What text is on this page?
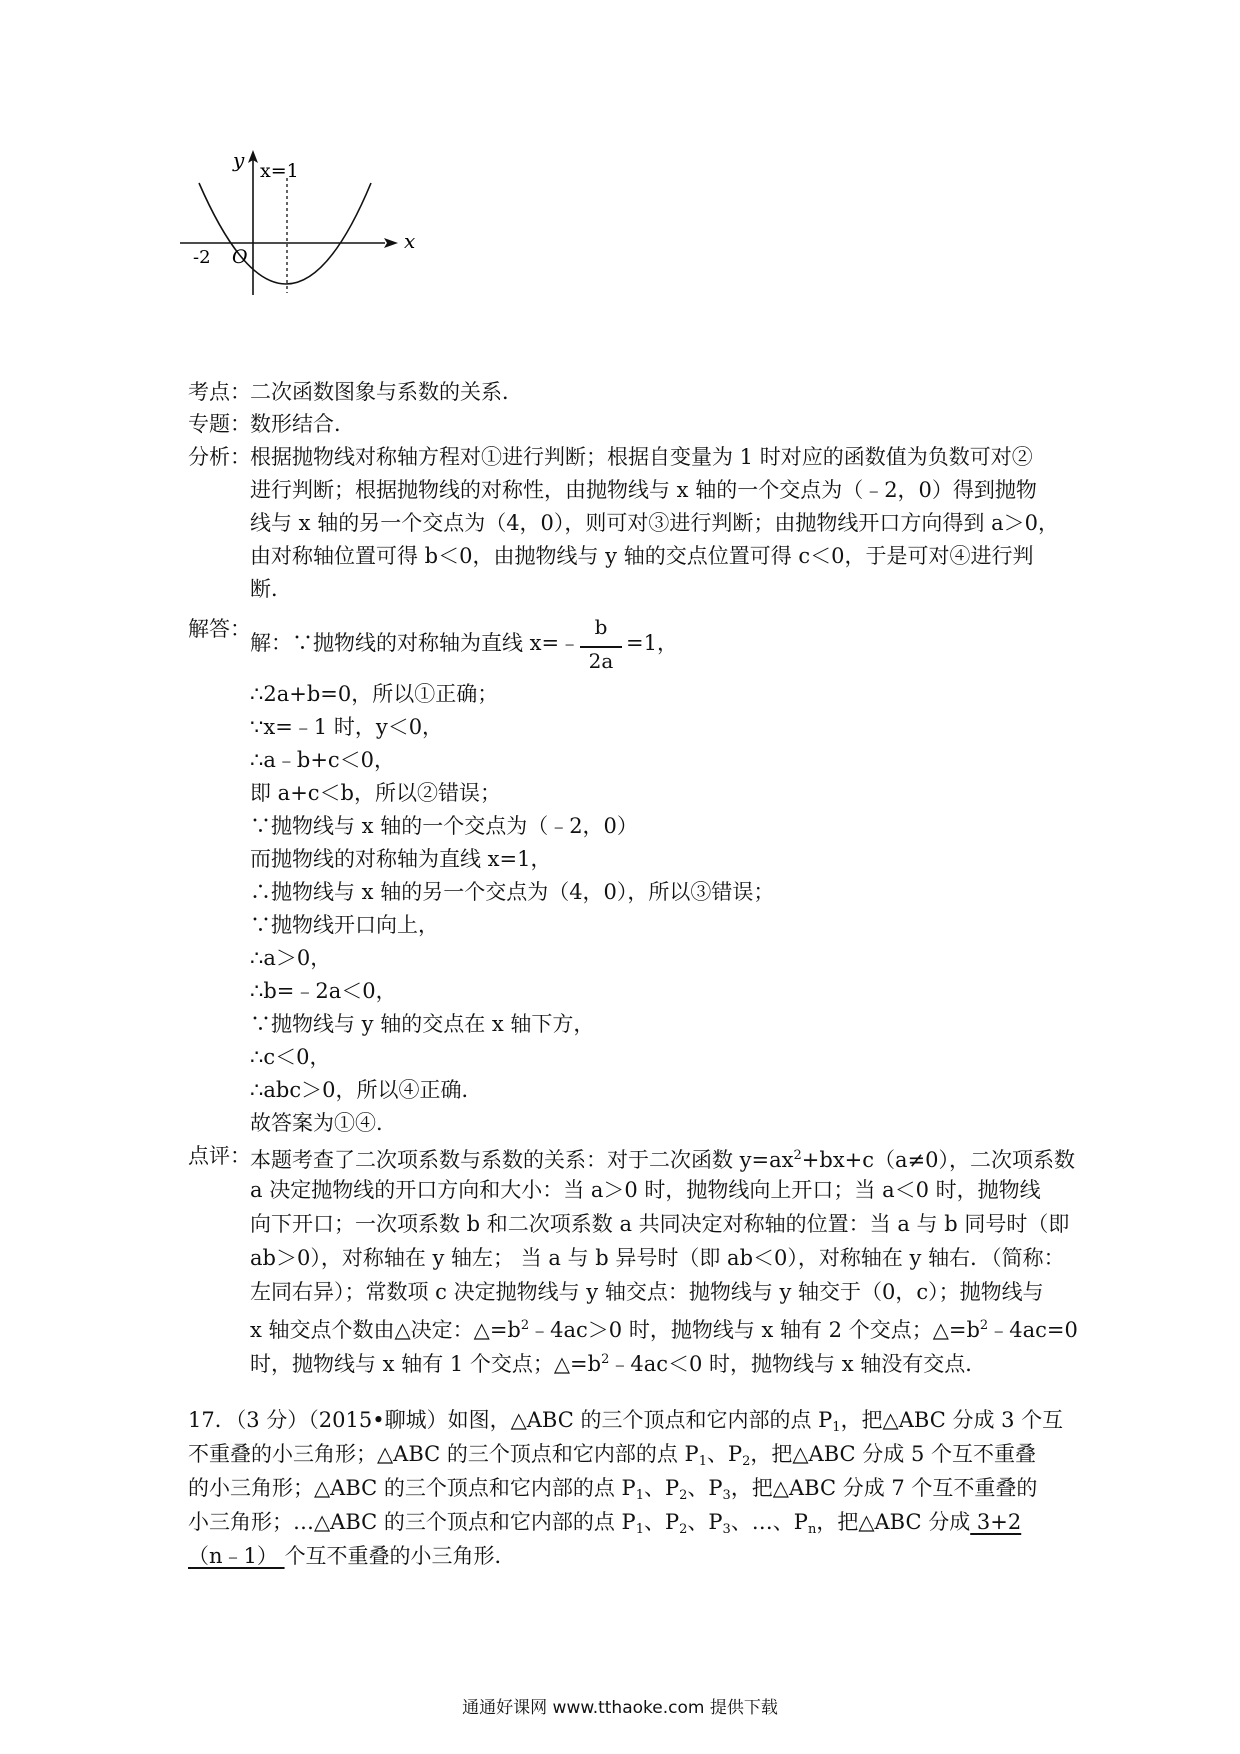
y x=1
x
-2 O
考点： 二次函数图象与系数的关系．
专题： 数形结合．
分析： 根据抛物线对称轴方程对①进行判断；根据自变量为 1 时对应的函数值为负数可对②
进行判断；根据抛物线的对称性，由抛物线与 x 轴的一个交点为（﹣2，0）得到抛物
线与 x 轴的另一个交点为（4，0），则可对③进行判断；由抛物线开口方向得到 a＞0，
由对称轴位置可得 b＜0，由抛物线与 y 轴的交点位置可得 c＜0，于是可对④进行判
断．
解答：
解：∵抛物线的对称轴为直线 x=﹣
b
2a
=1，
∴2a+b=0，所以①正确；
∵x=﹣1 时，y＜0，
∴a﹣b+c＜0，
即 a+c＜b，所以②错误；
∵抛物线与 x 轴的一个交点为（﹣2，0）
而抛物线的对称轴为直线 x=1，
∴抛物线与 x 轴的另一个交点为（4，0），所以③错误；
∵抛物线开口向上，
∴a＞0，
∴b=﹣2a＜0，
∵抛物线与 y 轴的交点在 x 轴下方，
∴c＜0，
∴abc＞0，所以④正确．
故答案为①④．
点评： 本题考查了二次项系数与系数的关系：对于二次函数 $y=ax^2+bx+c(a\ne 0)$，二次项系数
a 决定抛物线的开口方向和大小：当 a＞0 时，抛物线向上开口；当 a＜0 时，抛物线
向下开口；一次项系数 b 和二次项系数 a 共同决定对称轴的位置：当 a 与 b 同号时（即
ab＞0），对称轴在 y 轴左； 当 a 与 b 异号时（即 ab＜0），对称轴在 y 轴右．（简称：
左同右异）；常数项 c 决定抛物线与 y 轴交点：抛物线与 y 轴交于（0，c）；抛物线与
x 轴交点个数由△决定：$\triangle=b^2﹣4ac>0$ 时，抛物线与 x 轴有 2 个交点；$\triangle=b^2﹣4ac=0$
时，抛物线与 x 轴有 1 个交点；$\triangle=b^2﹣4ac<0$ 时，抛物线与 x 轴没有交点．
17．（3 分）（2015•聊城）如图，△ABC 的三个顶点和它内部的点 $P_1$，把△ABC 分成 3 个互
不重叠的小三角形；△ABC 的三个顶点和它内部的点 $P_1$、$P_2$，把△ABC 分成 5 个互不重叠
的小三角形；△ABC 的三个顶点和它内部的点 $P_1$、$P_2$、$P_3$，把△ABC 分成 7 个互不重叠的
小三角形；…△ABC 的三个顶点和它内部的点 $P_1$、$P_2$、$P_3$、…、$P_n$，把△ABC 分成 3+2
（n﹣1） 个互不重叠的小三角形．
通通好课网 www.tthaoke.com 提供下载
